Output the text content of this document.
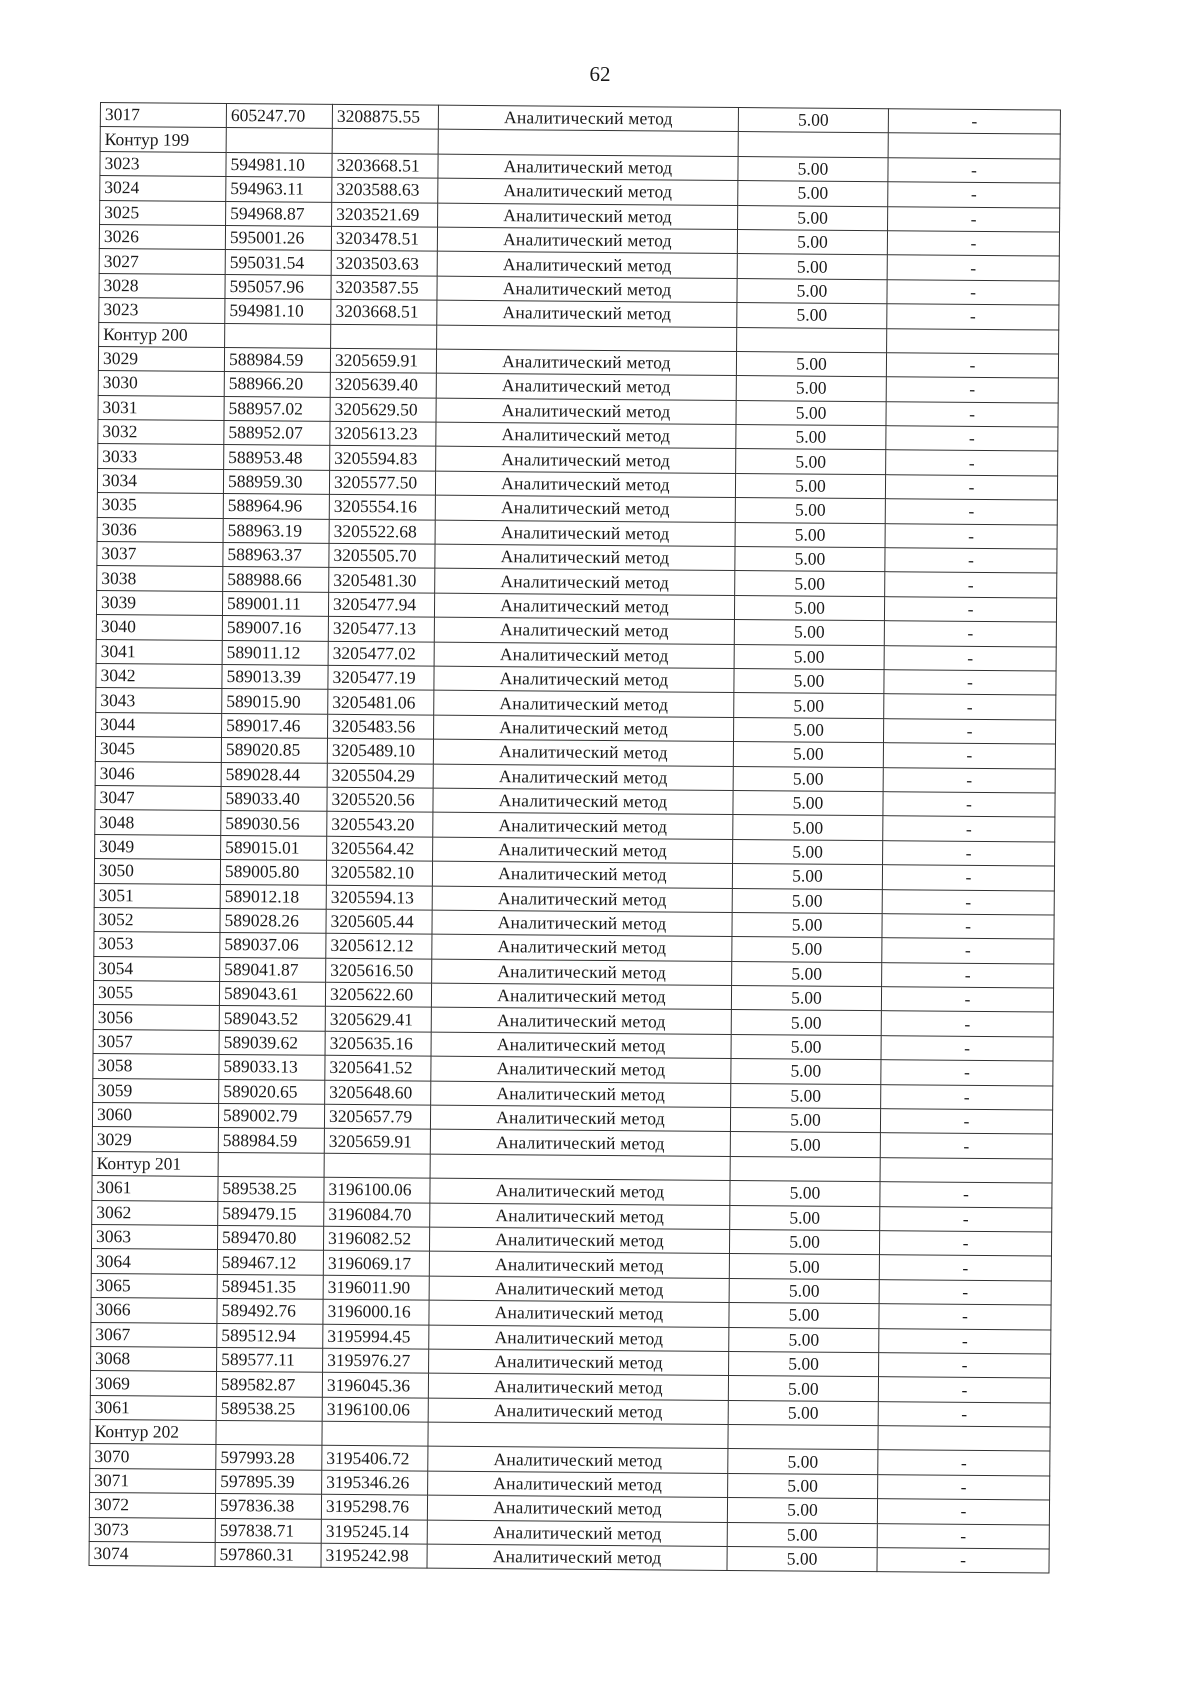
62
3017	605247.70	3208875.55	Аналитический метод	5.00	-
Контур 199					
3023	594981.10	3203668.51	Аналитический метод	5.00	-
3024	594963.11	3203588.63	Аналитический метод	5.00	-
3025	594968.87	3203521.69	Аналитический метод	5.00	-
3026	595001.26	3203478.51	Аналитический метод	5.00	-
3027	595031.54	3203503.63	Аналитический метод	5.00	-
3028	595057.96	3203587.55	Аналитический метод	5.00	-
3023	594981.10	3203668.51	Аналитический метод	5.00	-
Контур 200					
3029	588984.59	3205659.91	Аналитический метод	5.00	-
3030	588966.20	3205639.40	Аналитический метод	5.00	-
3031	588957.02	3205629.50	Аналитический метод	5.00	-
3032	588952.07	3205613.23	Аналитический метод	5.00	-
3033	588953.48	3205594.83	Аналитический метод	5.00	-
3034	588959.30	3205577.50	Аналитический метод	5.00	-
3035	588964.96	3205554.16	Аналитический метод	5.00	-
3036	588963.19	3205522.68	Аналитический метод	5.00	-
3037	588963.37	3205505.70	Аналитический метод	5.00	-
3038	588988.66	3205481.30	Аналитический метод	5.00	-
3039	589001.11	3205477.94	Аналитический метод	5.00	-
3040	589007.16	3205477.13	Аналитический метод	5.00	-
3041	589011.12	3205477.02	Аналитический метод	5.00	-
3042	589013.39	3205477.19	Аналитический метод	5.00	-
3043	589015.90	3205481.06	Аналитический метод	5.00	-
3044	589017.46	3205483.56	Аналитический метод	5.00	-
3045	589020.85	3205489.10	Аналитический метод	5.00	-
3046	589028.44	3205504.29	Аналитический метод	5.00	-
3047	589033.40	3205520.56	Аналитический метод	5.00	-
3048	589030.56	3205543.20	Аналитический метод	5.00	-
3049	589015.01	3205564.42	Аналитический метод	5.00	-
3050	589005.80	3205582.10	Аналитический метод	5.00	-
3051	589012.18	3205594.13	Аналитический метод	5.00	-
3052	589028.26	3205605.44	Аналитический метод	5.00	-
3053	589037.06	3205612.12	Аналитический метод	5.00	-
3054	589041.87	3205616.50	Аналитический метод	5.00	-
3055	589043.61	3205622.60	Аналитический метод	5.00	-
3056	589043.52	3205629.41	Аналитический метод	5.00	-
3057	589039.62	3205635.16	Аналитический метод	5.00	-
3058	589033.13	3205641.52	Аналитический метод	5.00	-
3059	589020.65	3205648.60	Аналитический метод	5.00	-
3060	589002.79	3205657.79	Аналитический метод	5.00	-
3029	588984.59	3205659.91	Аналитический метод	5.00	-
Контур 201					
3061	589538.25	3196100.06	Аналитический метод	5.00	-
3062	589479.15	3196084.70	Аналитический метод	5.00	-
3063	589470.80	3196082.52	Аналитический метод	5.00	-
3064	589467.12	3196069.17	Аналитический метод	5.00	-
3065	589451.35	3196011.90	Аналитический метод	5.00	-
3066	589492.76	3196000.16	Аналитический метод	5.00	-
3067	589512.94	3195994.45	Аналитический метод	5.00	-
3068	589577.11	3195976.27	Аналитический метод	5.00	-
3069	589582.87	3196045.36	Аналитический метод	5.00	-
3061	589538.25	3196100.06	Аналитический метод	5.00	-
Контур 202					
3070	597993.28	3195406.72	Аналитический метод	5.00	-
3071	597895.39	3195346.26	Аналитический метод	5.00	-
3072	597836.38	3195298.76	Аналитический метод	5.00	-
3073	597838.71	3195245.14	Аналитический метод	5.00	-
3074	597860.31	3195242.98	Аналитический метод	5.00	-
